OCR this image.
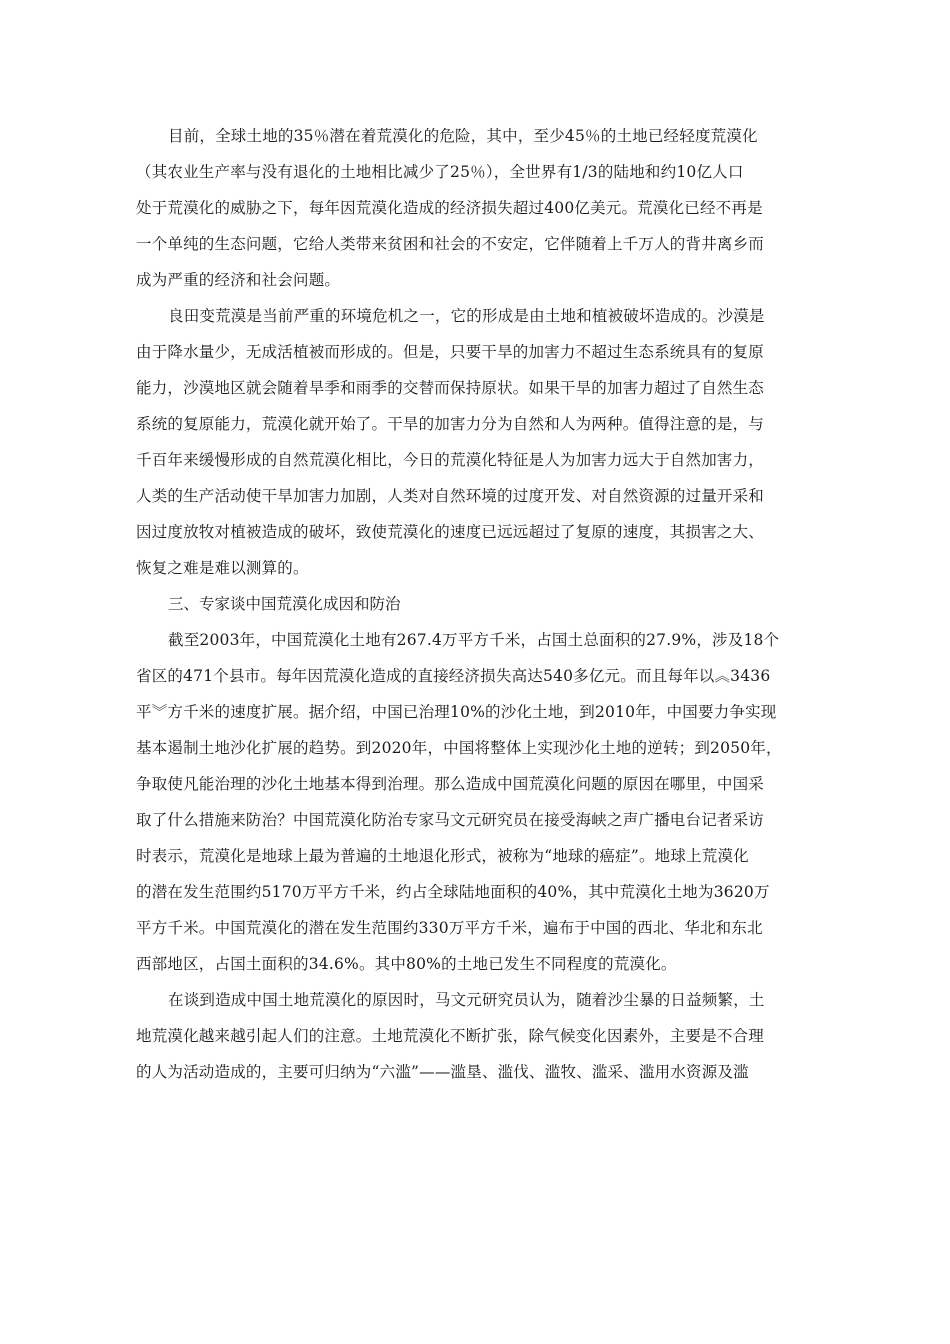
目前，全球土地的35％潜在着荒漠化的危险，其中，至少45％的土地已经轻度荒漠化
（其农业生产率与没有退化的土地相比减少了25％），全世界有1/3的陆地和约10亿人口
处于荒漠化的威胁之下，每年因荒漠化造成的经济损失超过400亿美元。荒漠化已经不再是
一个单纯的生态问题，它给人类带来贫困和社会的不安定，它伴随着上千万人的背井离乡而
成为严重的经济和社会问题。
良田变荒漠是当前严重的环境危机之一，它的形成是由土地和植被破坏造成的。沙漠是
由于降水量少，无成活植被而形成的。但是，只要干旱的加害力不超过生态系统具有的复原
能力，沙漠地区就会随着旱季和雨季的交替而保持原状。如果干旱的加害力超过了自然生态
系统的复原能力，荒漠化就开始了。干旱的加害力分为自然和人为两种。值得注意的是，与
千百年来缓慢形成的自然荒漠化相比，今日的荒漠化特征是人为加害力远大于自然加害力，
人类的生产活动使干旱加害力加剧，人类对自然环境的过度开发、对自然资源的过量开采和
因过度放牧对植被造成的破坏，致使荒漠化的速度已远远超过了复原的速度，其损害之大、
恢复之难是难以测算的。
三、专家谈中国荒漠化成因和防治
截至2003年，中国荒漠化土地有267.4万平方千米，占国土总面积的27.9%，涉及18个
省区的471个县市。每年因荒漠化造成的直接经济损失高达540多亿元。而且每年以︽3436
平︾方千米的速度扩展。据介绍，中国已治理10%的沙化土地，到2010年，中国要力争实现
基本遏制土地沙化扩展的趋势。到2020年，中国将整体上实现沙化土地的逆转；到2050年，
争取使凡能治理的沙化土地基本得到治理。那么造成中国荒漠化问题的原因在哪里，中国采
取了什么措施来防治？中国荒漠化防治专家马文元研究员在接受海峡之声广播电台记者采访
时表示，荒漠化是地球上最为普遍的土地退化形式，被称为“地球的癌症”。地球上荒漠化
的潜在发生范围约5170万平方千米，约占全球陆地面积的40%，其中荒漠化土地为3620万
平方千米。中国荒漠化的潜在发生范围约330万平方千米，遍布于中国的西北、华北和东北
西部地区，占国土面积的34.6%。其中80%的土地已发生不同程度的荒漠化。
在谈到造成中国土地荒漠化的原因时，马文元研究员认为，随着沙尘暴的日益频繁，土
地荒漠化越来越引起人们的注意。土地荒漠化不断扩张，除气候变化因素外，主要是不合理
的人为活动造成的，主要可归纳为“六滥”——滥垦、滥伐、滥牧、滥采、滥用水资源及滥
